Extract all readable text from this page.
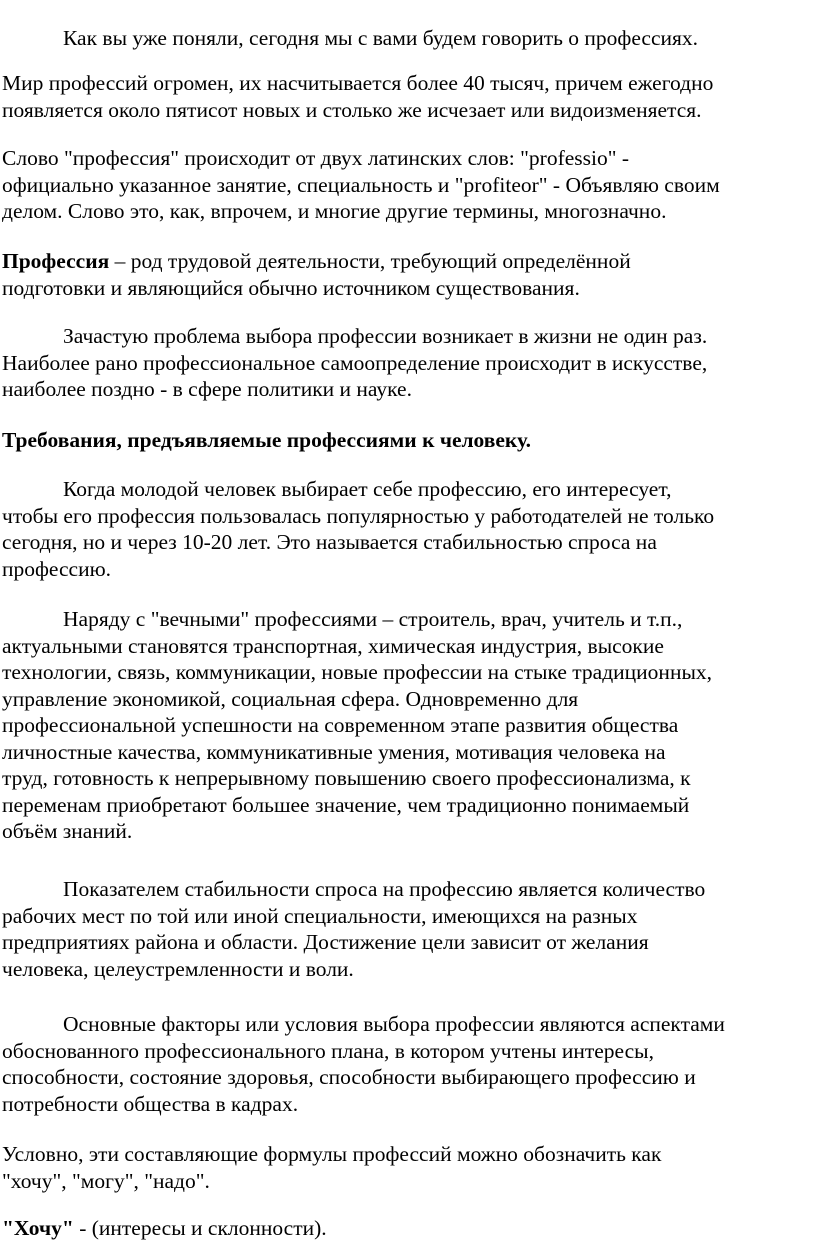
Как вы уже поняли, сегодня мы с вами будем говорить о профессиях.

Мир профессий огромен, их насчитывается более 40 тысяч, причем ежегодно
появляется около пятисот новых и столько же исчезает или видоизменяется.

Слово "профессия" происходит от двух латинских слов: "professio" -
официально указанное занятие, специальность и "profiteor" - Объявляю своим
делом. Слово это, как, впрочем, и многие другие термины, многозначно.

Профессия – род трудовой деятельности, требующий определённой
подготовки и являющийся обычно источником существования.

Зачастую проблема выбора профессии возникает в жизни не один раз.
Наиболее рано профессиональное самоопределение происходит в искусстве,
наиболее поздно - в сфере политики и науке.

Требования, предъявляемые профессиями к человеку.

Когда молодой человек выбирает себе профессию, его интересует,
чтобы его профессия пользовалась популярностью у работодателей не только
сегодня, но и через 10-20 лет. Это называется стабильностью спроса на
профессию.

Наряду с "вечными" профессиями – строитель, врач, учитель и т.п.,
актуальными становятся транспортная, химическая индустрия, высокие
технологии, связь, коммуникации, новые профессии на стыке традиционных,
управление экономикой, социальная сфера. Одновременно для
профессиональной успешности на современном этапе развития общества
личностные качества, коммуникативные умения, мотивация человека на
труд, готовность к непрерывному повышению своего профессионализма, к
переменам приобретают большее значение, чем традиционно понимаемый
объём знаний.

Показателем стабильности спроса на профессию является количество
рабочих мест по той или иной специальности, имеющихся на разных
предприятиях района и области. Достижение цели зависит от желания
человека, целеустремленности и воли.

Основные факторы или условия выбора профессии являются аспектами
обоснованного профессионального плана, в котором учтены интересы,
способности, состояние здоровья, способности выбирающего профессию и
потребности общества в кадрах.

Условно, эти составляющие формулы профессий можно обозначить как
"хочу", "могу", "надо".

"Хочу" - (интересы и склонности).
